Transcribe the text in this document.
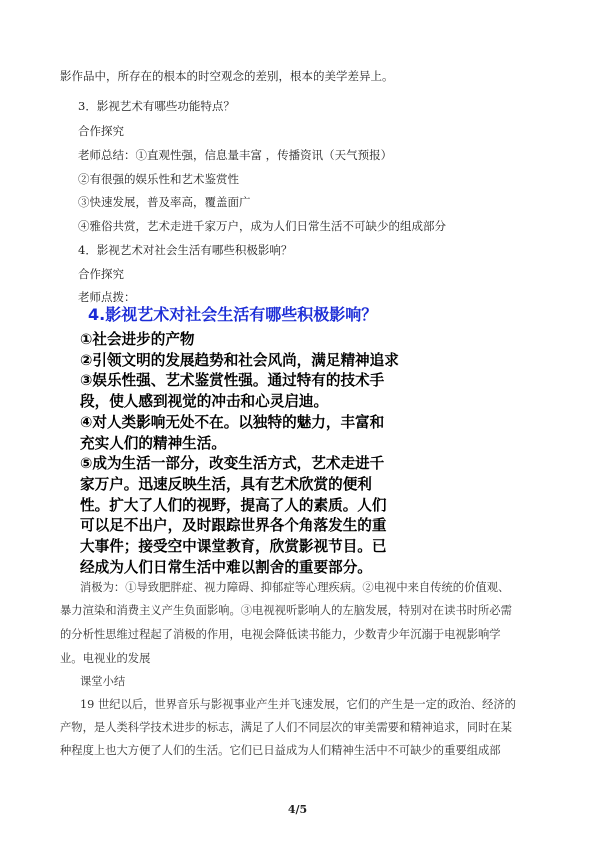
影作品中，所存在的根本的时空观念的差别，根本的美学差异上。
3．影视艺术有哪些功能特点？
合作探究
老师总结：①直观性强，信息量丰富 ，传播资讯（天气预报）
②有很强的娱乐性和艺术鉴赏性
③快速发展，普及率高，覆盖面广
④雅俗共赏，艺术走进千家万户，成为人们日常生活不可缺少的组成部分
4．影视艺术对社会生活有哪些积极影响？
合作探究
老师点拨：
4.影视艺术对社会生活有哪些积极影响？
①社会进步的产物
②引领文明的发展趋势和社会风尚，满足精神追求
③娱乐性强、艺术鉴赏性强。通过特有的技术手
段，使人感到视觉的冲击和心灵启迪。
④对人类影响无处不在。以独特的魅力，丰富和
充实人们的精神生活。
⑤成为生活一部分，改变生活方式，艺术走进千
家万户。迅速反映生活，具有艺术欣赏的便利
性。扩大了人们的视野，提高了人的素质。人们
可以足不出户，及时跟踪世界各个角落发生的重
大事件；接受空中课堂教育，欣赏影视节目。已
经成为人们日常生活中难以割舍的重要部分。
消极为：①导致肥胖症、视力障碍、抑郁症等心理疾病。②电视中来自传统的价值观、
暴力渲染和消费主义产生负面影响。③电视视听影响人的左脑发展，特别对在读书时所必需
的分析性思维过程起了消极的作用，电视会降低读书能力，少数青少年沉溺于电视影响学
业。电视业的发展
课堂小结
19 世纪以后，世界音乐与影视事业产生并飞速发展，它们的产生是一定的政治、经济的
产物，是人类科学技术进步的标志，满足了人们不同层次的审美需要和精神追求，同时在某
种程度上也大方便了人们的生活。它们已日益成为人们精神生活中不可缺少的重要组成部
4/5
